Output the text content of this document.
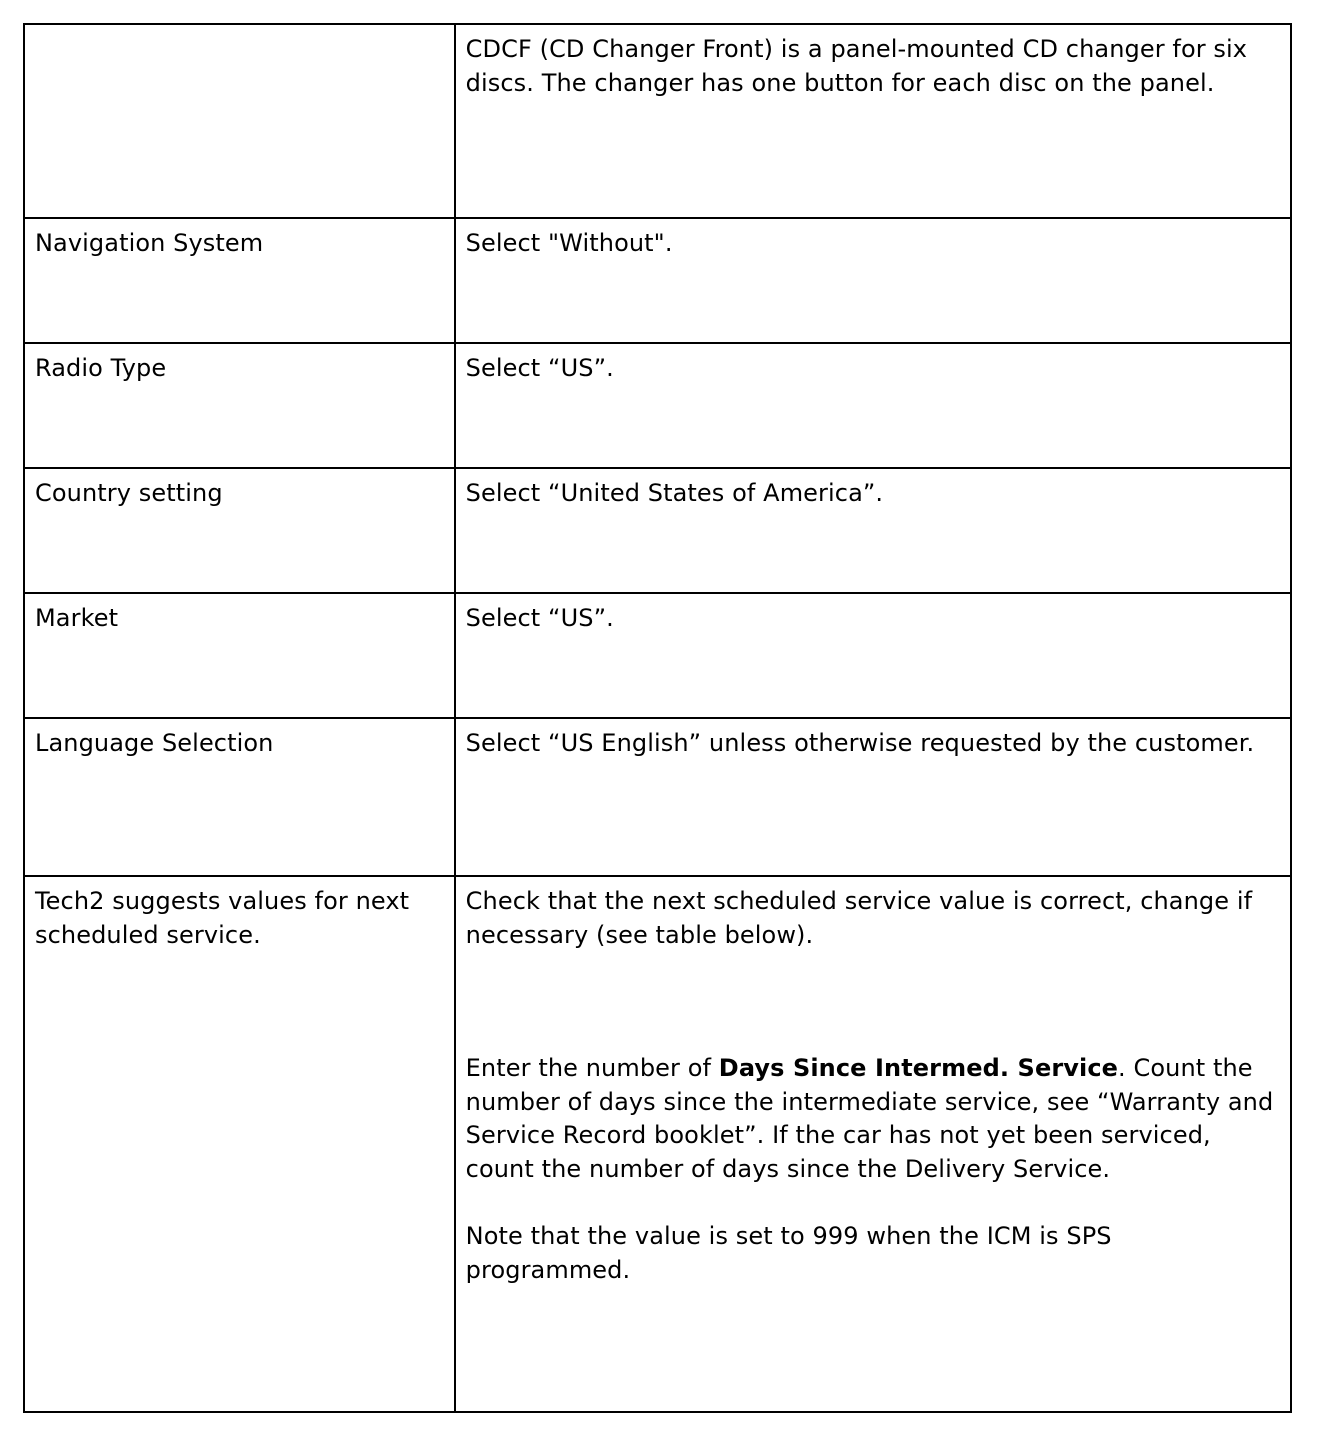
	CDCF (CD Changer Front) is a panel-mounted CD changer for six discs. The changer has one button for each disc on the panel.

Navigation System	Select "Without".

Radio Type	Select “US”.

Country setting	Select “United States of America”.

Market	Select “US”.

Language Selection	Select “US English” unless otherwise requested by the customer.

Tech2 suggests values for next scheduled service.	Check that the next scheduled service value is correct, change if necessary (see table below).

Enter the number of Days Since Intermed. Service. Count the number of days since the intermediate service, see “Warranty and Service Record booklet”. If the car has not yet been serviced, count the number of days since the Delivery Service.

Note that the value is set to 999 when the ICM is SPS programmed.
